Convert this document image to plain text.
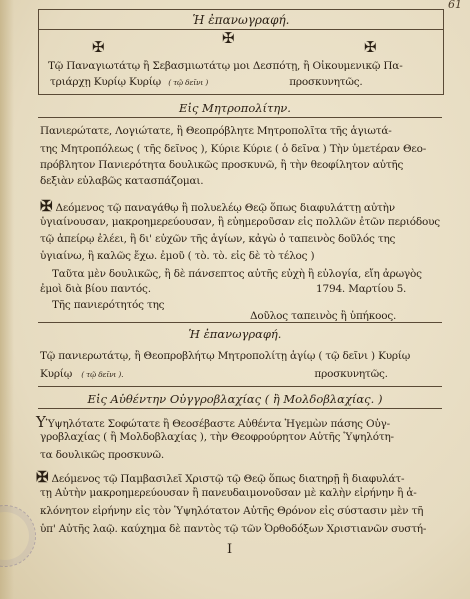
61
Ἡ ἐπανωγραφή.
✠	✠	✠
Τῷ Παναγιωτάτῳ ἢ Σεβασμιωτάτῳ μοι Δεσπότῃ, ἢ Οἰκουμενικῷ Πα-
τριάρχῃ Κυρίῳ Κυρίῳ ( τῷ δεῖνι )	προσκυνητῶς.
Εἰς Μητροπολίτην.
Πανιερώτατε, Λογιώτατε, ἢ Θεοπρόβλητε Μητροπολῖτα τῆς ἁγιωτά-
της Μητροπόλεως ( τῆς δεῖνος ), Κύριε Κύριε ( ὁ δεῖνα ) Τὴν ὑμετέραν Θεο-
πρόβλητον Πανιερότητα δουλικῶς προσκυνῶ, ἢ τὴν θεοφίλητον αὐτῆς
δεξιὰν εὐλαβῶς κατασπάζομαι.
✠ Δεόμενος τῷ παναγάθῳ ἢ πολυελέῳ Θεῷ ὅπως διαφυλάττῃ αὐτὴν
ὑγιαίνουσαν, μακροημερεύουσαν, ἢ εὐημεροῦσαν εἰς πολλῶν ἐτῶν περιόδους
τῷ ἀπείρῳ ἐλέει, ἢ δι' εὐχῶν τῆς ἁγίων, κἀγὼ ὁ ταπεινὸς δοῦλός της
ὑγιαίνω, ἢ καλῶς ἔχω. ἐμοῦ ( τὸ. τὸ. εἰς δὲ τὸ τέλος )
Ταῦτα μὲν δουλικῶς, ἢ δὲ πάνσεπτος αὐτῆς εὐχὴ ἢ εὐλογία, εἴη ἀρωγὸς
ἐμοὶ διὰ βίου παντός.	1794. Μαρτίου 5.
Τῆς πανιερότητός της
Δοῦλος ταπεινὸς ἢ ὑπήκοος.
Ἡ ἐπανωγραφή.
Τῷ πανιερωτάτῳ, ἢ Θεοπροβλήτῳ Μητροπολίτῃ ἁγίῳ ( τῷ δεῖνι ) Κυρίῳ
Κυρίῳ ( τῷ δεῖνι ).	προσκυνητῶς.
Εἰς Αὐθέντην Οὐγγροβλαχίας ( ἢ Μολδοβλαχίας. )
ΥὙψηλότατε Σοφώτατε ἢ Θεοσέβαστε Αὐθέντα Ἡγεμὼν πάσης Οὐγ-
γροβλαχίας ( ἢ Μολδοβλαχίας ), τὴν Θεοφρούρητον Αὐτῆς Ὑψηλότη-
τα δουλικῶς προσκυνῶ.
✠ Δεόμενος τῷ Παμβασιλεῖ Χριστῷ τῷ Θεῷ ὅπως διατηρῇ ἢ διαφυλάτ-
τῃ Αὐτὴν μακροημερεύουσαν ἢ πανευδαιμονοῦσαν μὲ καλὴν εἰρήνην ἢ ἀ-
κλόνητον εἰρήνην εἰς τὸν Ὑψηλότατον Αὐτῆς Θρόνον εἰς σύστασιν μὲν τῆ
ὑπ' Αὐτῆς λαῷ. καύχημα δὲ παντὸς τῷ τῶν Ὀρθοδόξων Χριστιανῶν συστή-
I
